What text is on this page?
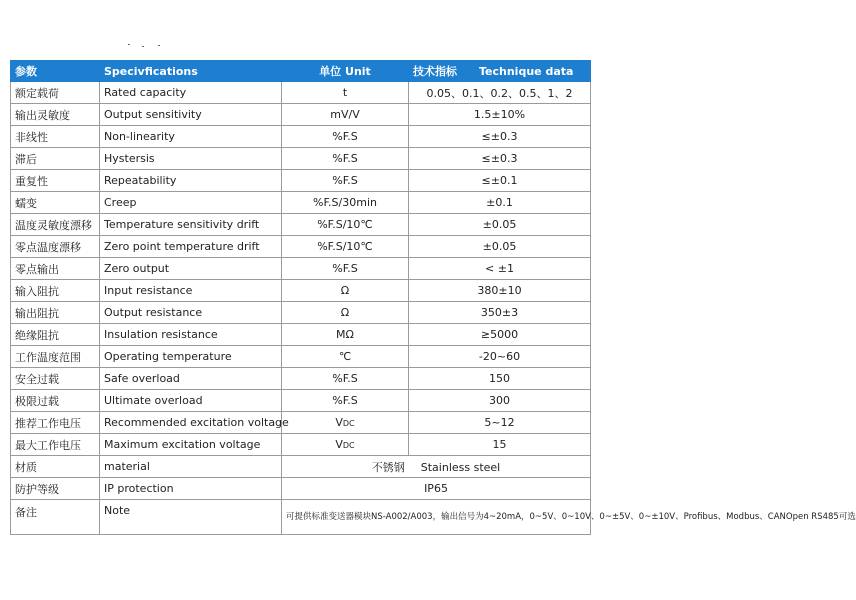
参数	Specivfications	单位 Unit	技术指标 Technique data
额定载荷	Rated capacity	t	0.05、0.1、0.2、0.5、1、2
输出灵敏度	Output sensitivity	mV/V	1.5±10%
非线性	Non-linearity	%F.S	≤±0.3
滞后	Hystersis	%F.S	≤±0.3
重复性	Repeatability	%F.S	≤±0.1
蠕变	Creep	%F.S/30min	±0.1
温度灵敏度漂移	Temperature sensitivity drift	%F.S/10℃	±0.05
零点温度漂移	Zero point temperature drift	%F.S/10℃	±0.05
零点输出	Zero output	%F.S	< ±1
输入阻抗	Input resistance	Ω	380±10
输出阻抗	Output resistance	Ω	350±3
绝缘阻抗	Insulation resistance	MΩ	≥5000
工作温度范围	Operating temperature	℃	-20~60
安全过载	Safe overload	%F.S	150
极限过载	Ultimate overload	%F.S	300
推荐工作电压	Recommended excitation voltage	VDC	5~12
最大工作电压	Maximum excitation voltage	VDC	15
材质	material	不锈钢 Stainless steel	
防护等级	IP protection	IP65	
备注	Note	可提供标准变送器模块NS-A002/A003，输出信号为4~20mA，0~5V、0~10V、0~±5V、0~±10V、Profibus、Modbus、CANOpen RS485可选	
